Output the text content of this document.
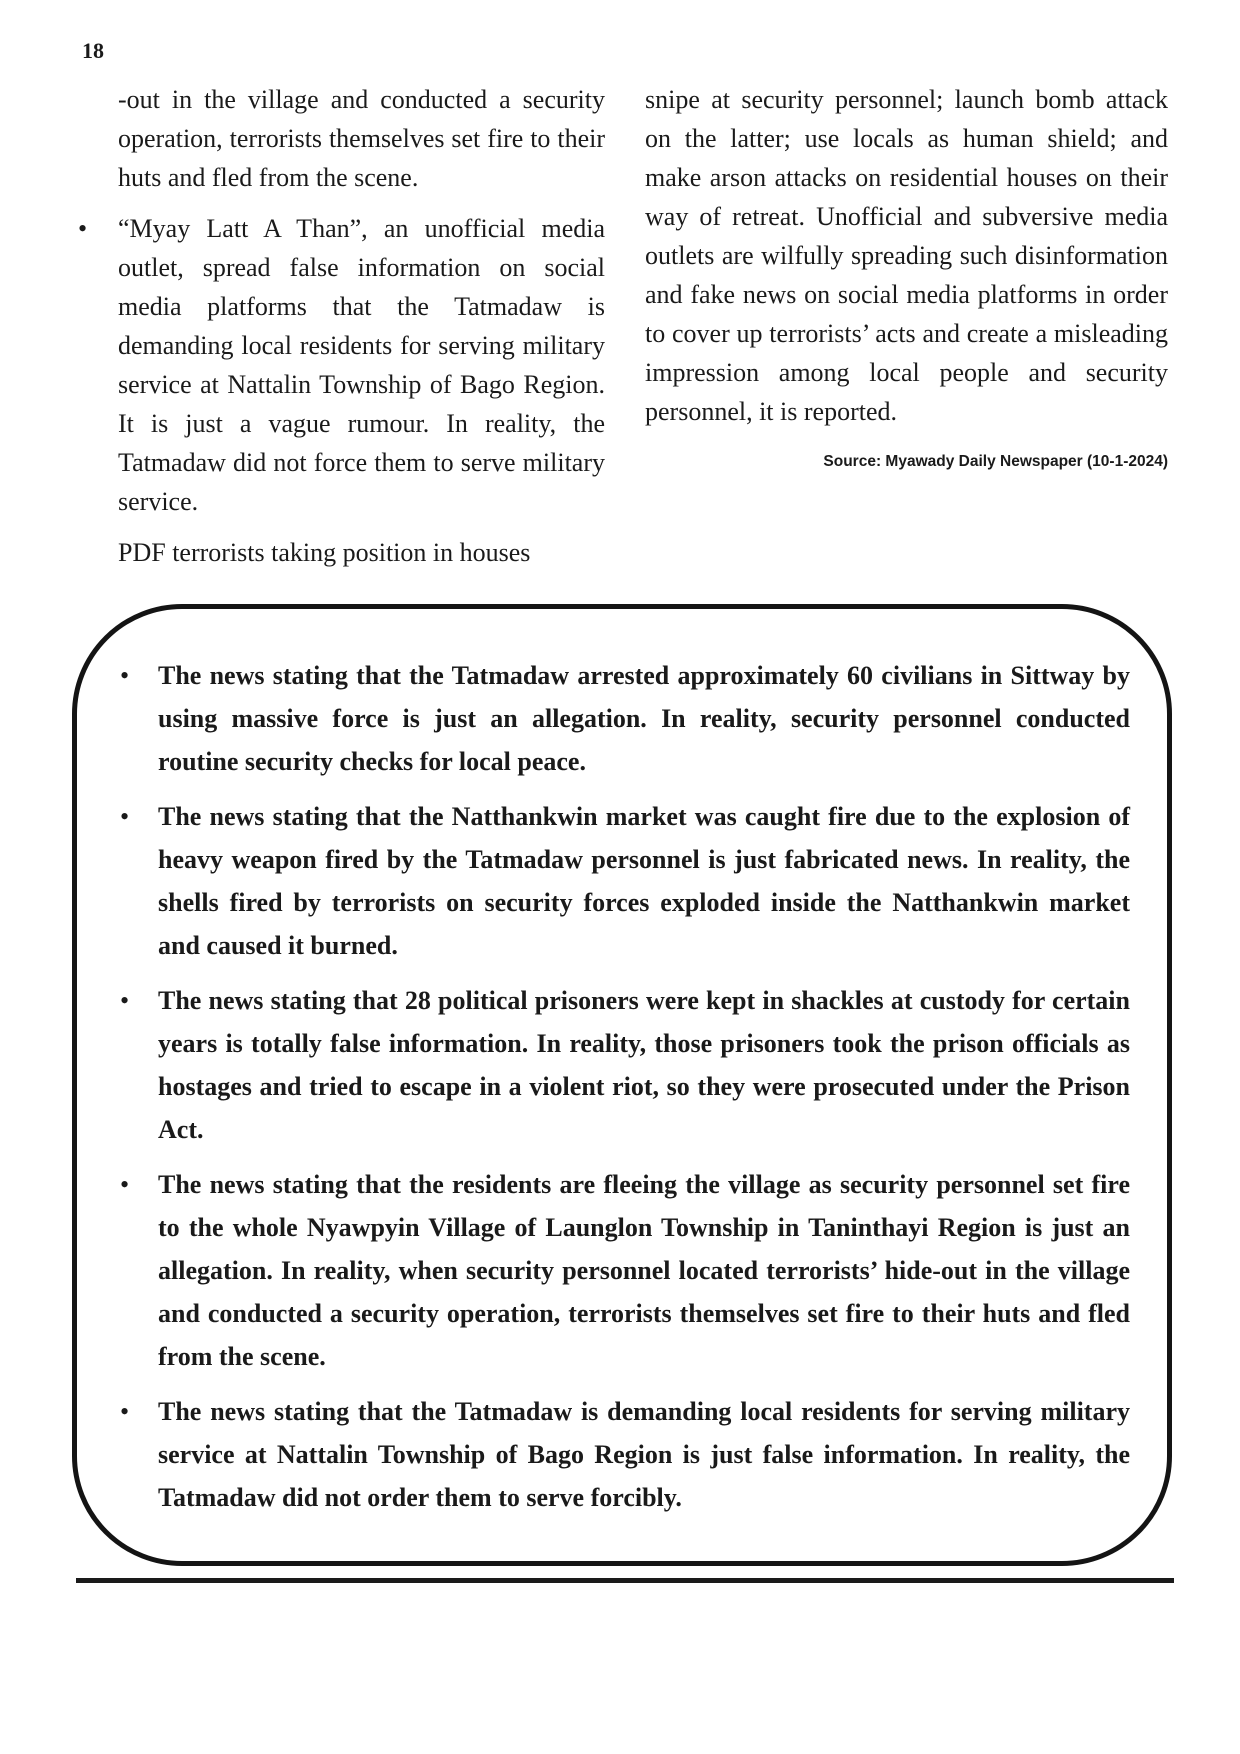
18

-out in the village and conducted a security operation, terrorists themselves set fire to their huts and fled from the scene.

• “Myay Latt A Than”, an unofficial media outlet, spread false information on social media platforms that the Tatmadaw is demanding local residents for serving military service at Nattalin Township of Bago Region. It is just a vague rumour. In reality, the Tatmadaw did not force them to serve military service.

PDF terrorists taking position in houses

snipe at security personnel; launch bomb attack on the latter; use locals as human shield; and make arson attacks on residential houses on their way of retreat. Unofficial and subversive media outlets are wilfully spreading such disinformation and fake news on social media platforms in order to cover up terrorists’ acts and create a misleading impression among local people and security personnel, it is reported.

Source: Myawady Daily Newspaper (10-1-2024)

• The news stating that the Tatmadaw arrested approximately 60 civilians in Sittway by using massive force is just an allegation. In reality, security personnel conducted routine security checks for local peace.
• The news stating that the Natthankwin market was caught fire due to the explosion of heavy weapon fired by the Tatmadaw personnel is just fabricated news. In reality, the shells fired by terrorists on security forces exploded inside the Natthankwin market and caused it burned.
• The news stating that 28 political prisoners were kept in shackles at custody for certain years is totally false information. In reality, those prisoners took the prison officials as hostages and tried to escape in a violent riot, so they were prosecuted under the Prison Act.
• The news stating that the residents are fleeing the village as security personnel set fire to the whole Nyawpyin Village of Launglon Township in Taninthayi Region is just an allegation. In reality, when security personnel located terrorists’ hide-out in the village and conducted a security operation, terrorists themselves set fire to their huts and fled from the scene.
• The news stating that the Tatmadaw is demanding local residents for serving military service at Nattalin Township of Bago Region is just false information. In reality, the Tatmadaw did not order them to serve forcibly.
